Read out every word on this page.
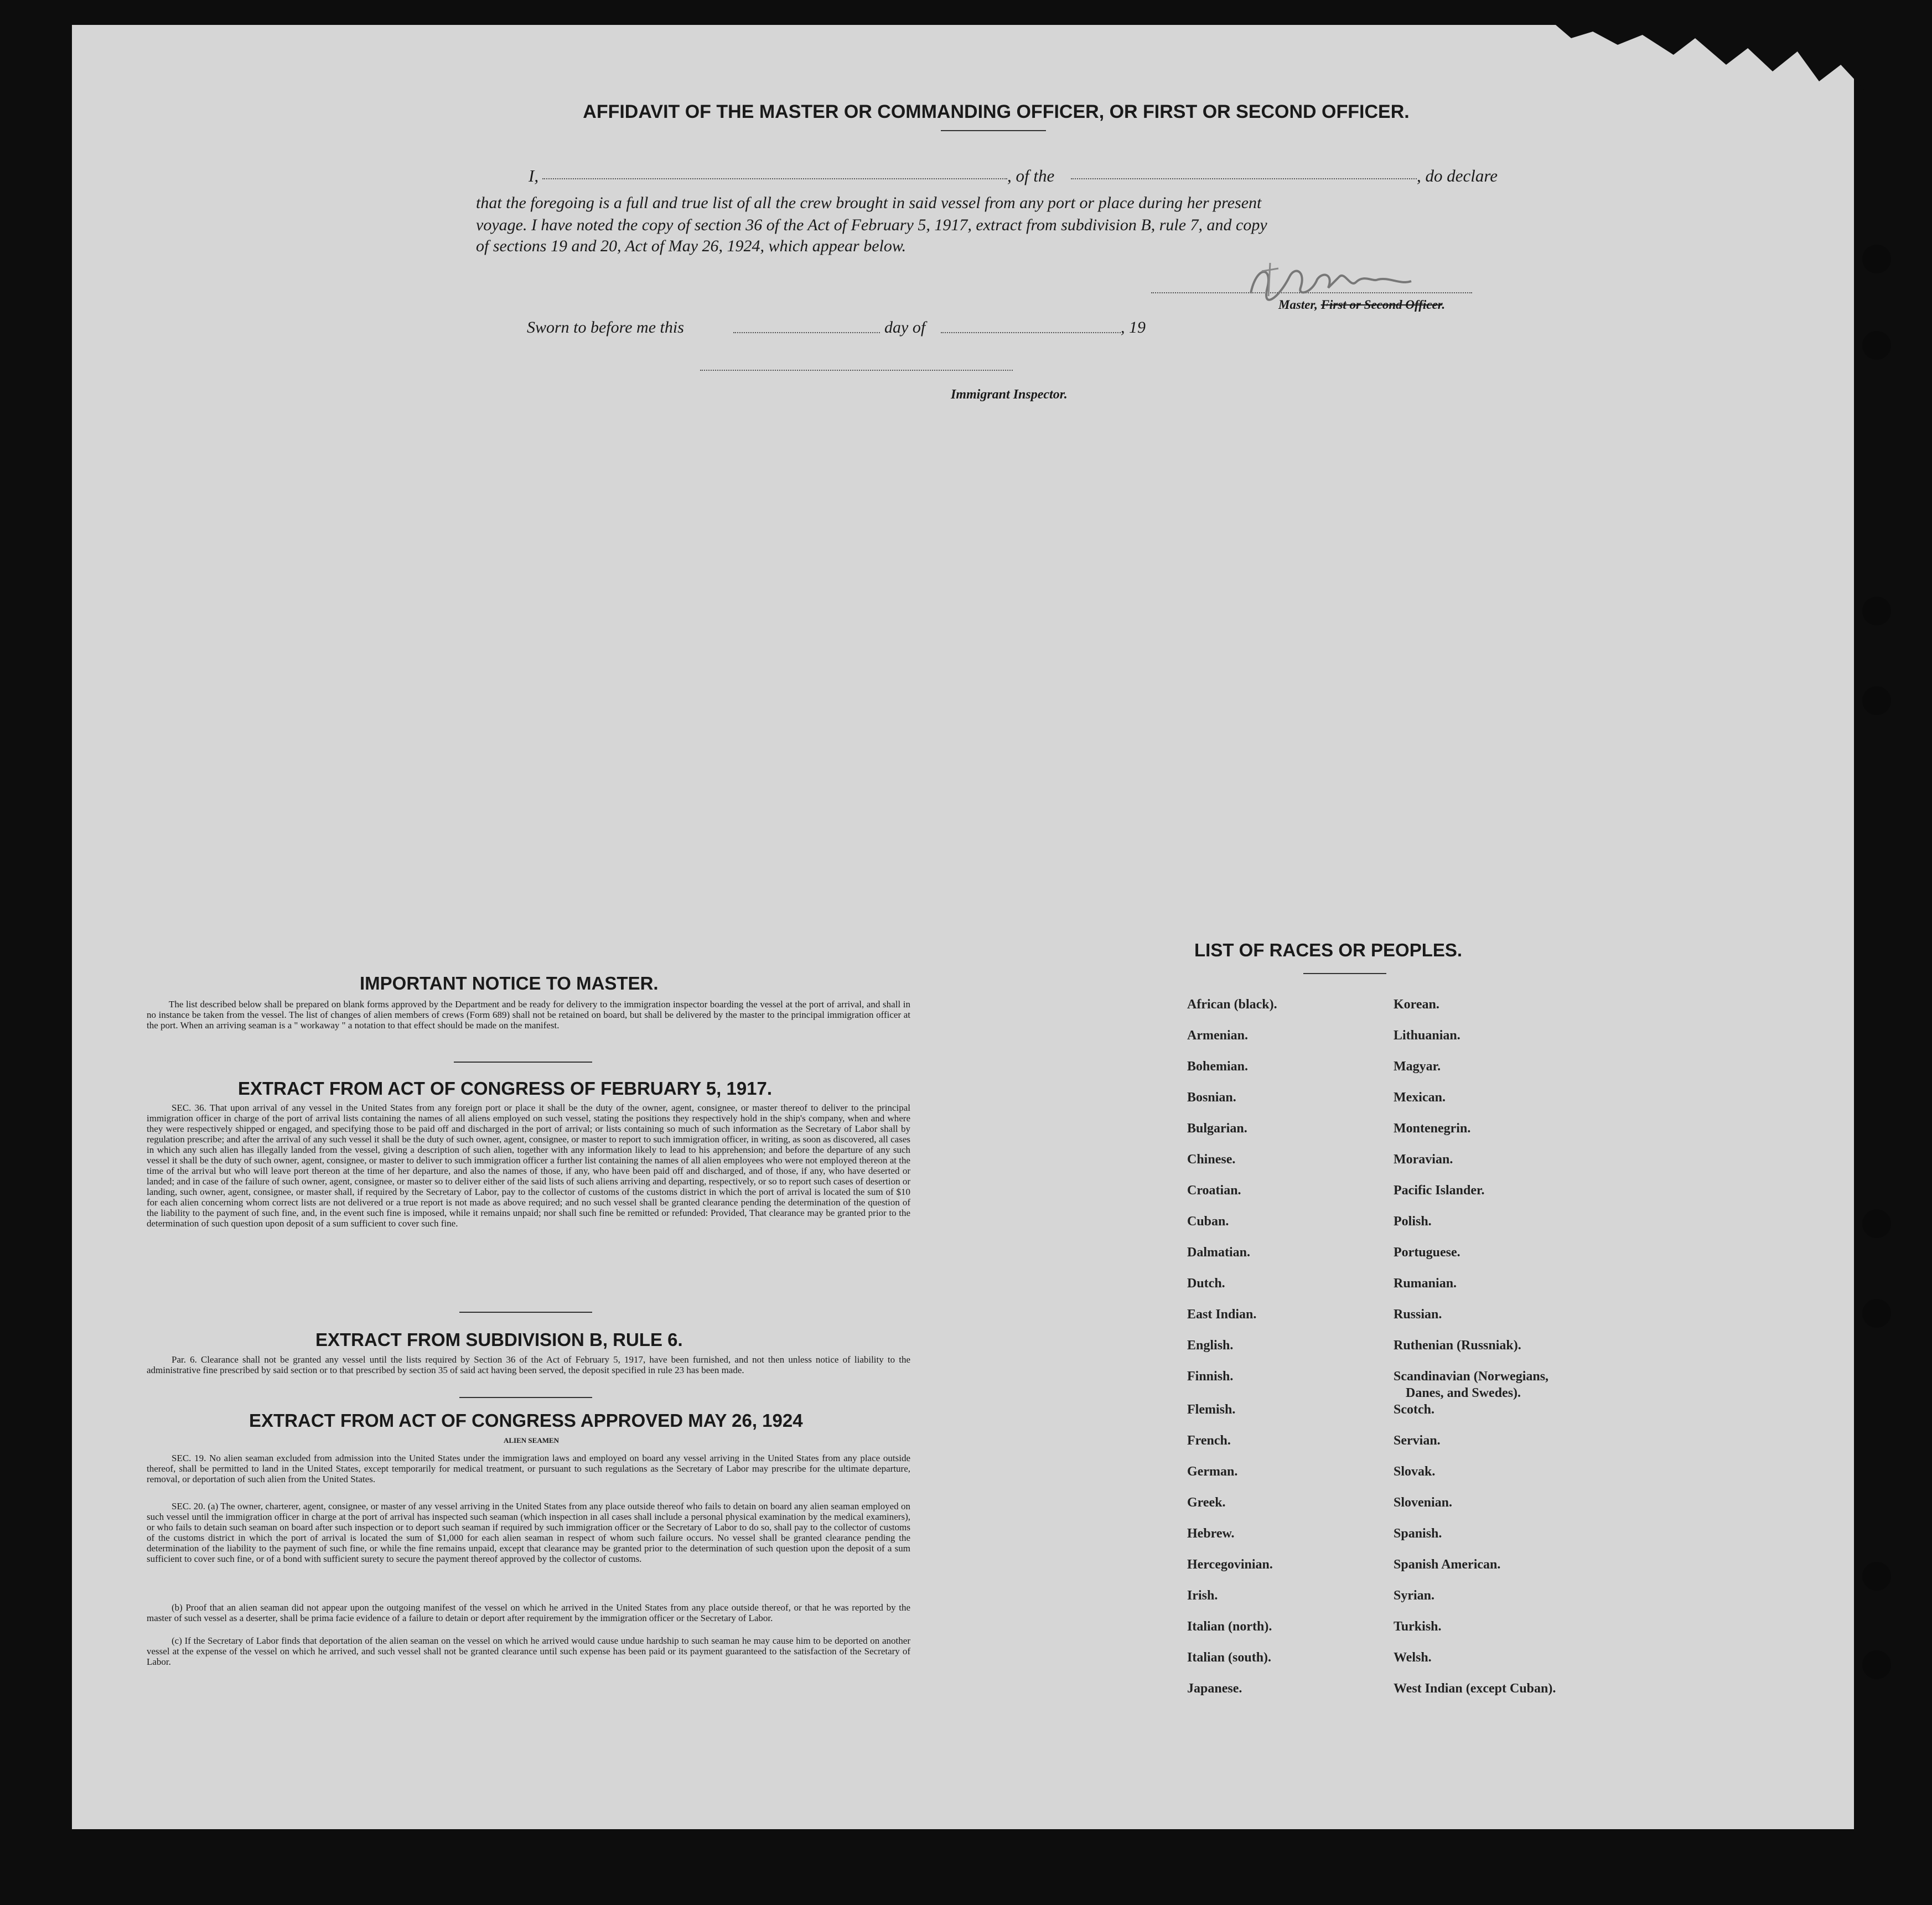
AFFIDAVIT OF THE MASTER OR COMMANDING OFFICER, OR FIRST OR SECOND OFFICER.
I,	, of the	, do declare
that the foregoing is a full and true list of all the crew brought in said vessel from any port or place during her present
voyage. I have noted the copy of section 36 of the Act of February 5, 1917, extract from subdivision B, rule 7, and copy
of sections 19 and 20, Act of May 26, 1924, which appear below.
Master, First or Second Officer.
Sworn to before me this	day of	, 19
Immigrant Inspector.
IMPORTANT NOTICE TO MASTER.
The list described below shall be prepared on blank forms approved by the Department and be ready for delivery to the immigration inspector boarding the vessel at the port of arrival, and shall in no instance be taken from the vessel. The list of changes of alien members of crews (Form 689) shall not be retained on board, but shall be delivered by the master to the principal immigration officer at the port. When an arriving seaman is a " workaway " a notation to that effect should be made on the manifest.
EXTRACT FROM ACT OF CONGRESS OF FEBRUARY 5, 1917.
SEC. 36. That upon arrival of any vessel in the United States from any foreign port or place it shall be the duty of the owner, agent, consignee, or master thereof to deliver to the principal immigration officer in charge of the port of arrival lists containing the names of all aliens employed on such vessel, stating the positions they respectively hold in the ship's company, when and where they were respectively shipped or engaged, and specifying those to be paid off and discharged in the port of arrival; or lists containing so much of such information as the Secretary of Labor shall by regulation prescribe; and after the arrival of any such vessel it shall be the duty of such owner, agent, consignee, or master to report to such immigration officer, in writing, as soon as discovered, all cases in which any such alien has illegally landed from the vessel, giving a description of such alien, together with any information likely to lead to his apprehension; and before the departure of any such vessel it shall be the duty of such owner, agent, consignee, or master to deliver to such immigration officer a further list containing the names of all alien employees who were not employed thereon at the time of the arrival but who will leave port thereon at the time of her departure, and also the names of those, if any, who have been paid off and discharged, and of those, if any, who have deserted or landed; and in case of the failure of such owner, agent, consignee, or master so to deliver either of the said lists of such aliens arriving and departing, respectively, or so to report such cases of desertion or landing, such owner, agent, consignee, or master shall, if required by the Secretary of Labor, pay to the collector of customs of the customs district in which the port of arrival is located the sum of $10 for each alien concerning whom correct lists are not delivered or a true report is not made as above required; and no such vessel shall be granted clearance pending the determination of the question of the liability to the payment of such fine, and, in the event such fine is imposed, while it remains unpaid; nor shall such fine be remitted or refunded: Provided, That clearance may be granted prior to the determination of such question upon deposit of a sum sufficient to cover such fine.
EXTRACT FROM SUBDIVISION B, RULE 6.
Par. 6. Clearance shall not be granted any vessel until the lists required by Section 36 of the Act of February 5, 1917, have been furnished, and not then unless notice of liability to the administrative fine prescribed by said section or to that prescribed by section 35 of said act having been served, the deposit specified in rule 23 has been made.
EXTRACT FROM ACT OF CONGRESS APPROVED MAY 26, 1924
ALIEN SEAMEN
SEC. 19. No alien seaman excluded from admission into the United States under the immigration laws and employed on board any vessel arriving in the United States from any place outside thereof, shall be permitted to land in the United States, except temporarily for medical treatment, or pursuant to such regulations as the Secretary of Labor may prescribe for the ultimate departure, removal, or deportation of such alien from the United States.
SEC. 20. (a) The owner, charterer, agent, consignee, or master of any vessel arriving in the United States from any place outside thereof who fails to detain on board any alien seaman employed on such vessel until the immigration officer in charge at the port of arrival has inspected such seaman (which inspection in all cases shall include a personal physical examination by the medical examiners), or who fails to detain such seaman on board after such inspection or to deport such seaman if required by such immigration officer or the Secretary of Labor to do so, shall pay to the collector of customs of the customs district in which the port of arrival is located the sum of $1,000 for each alien seaman in respect of whom such failure occurs. No vessel shall be granted clearance pending the determination of the liability to the payment of such fine, or while the fine remains unpaid, except that clearance may be granted prior to the determination of such question upon the deposit of a sum sufficient to cover such fine, or of a bond with sufficient surety to secure the payment thereof approved by the collector of customs.
(b) Proof that an alien seaman did not appear upon the outgoing manifest of the vessel on which he arrived in the United States from any place outside thereof, or that he was reported by the master of such vessel as a deserter, shall be prima facie evidence of a failure to detain or deport after requirement by the immigration officer or the Secretary of Labor.
(c) If the Secretary of Labor finds that deportation of the alien seaman on the vessel on which he arrived would cause undue hardship to such seaman he may cause him to be deported on another vessel at the expense of the vessel on which he arrived, and such vessel shall not be granted clearance until such expense has been paid or its payment guaranteed to the satisfaction of the Secretary of Labor.
LIST OF RACES OR PEOPLES.
African (black).
Armenian.
Bohemian.
Bosnian.
Bulgarian.
Chinese.
Croatian.
Cuban.
Dalmatian.
Dutch.
East Indian.
English.
Finnish.
Flemish.
French.
German.
Greek.
Hebrew.
Hercegovinian.
Irish.
Italian (north).
Italian (south).
Japanese.
Korean.
Lithuanian.
Magyar.
Mexican.
Montenegrin.
Moravian.
Pacific Islander.
Polish.
Portuguese.
Rumanian.
Russian.
Ruthenian (Russniak).
Scandinavian (Norwegians,
Scotch.
Servian.
Slovak.
Slovenian.
Spanish.
Spanish American.
Syrian.
Turkish.
Welsh.
West Indian (except Cuban).
Danes, and Swedes).
